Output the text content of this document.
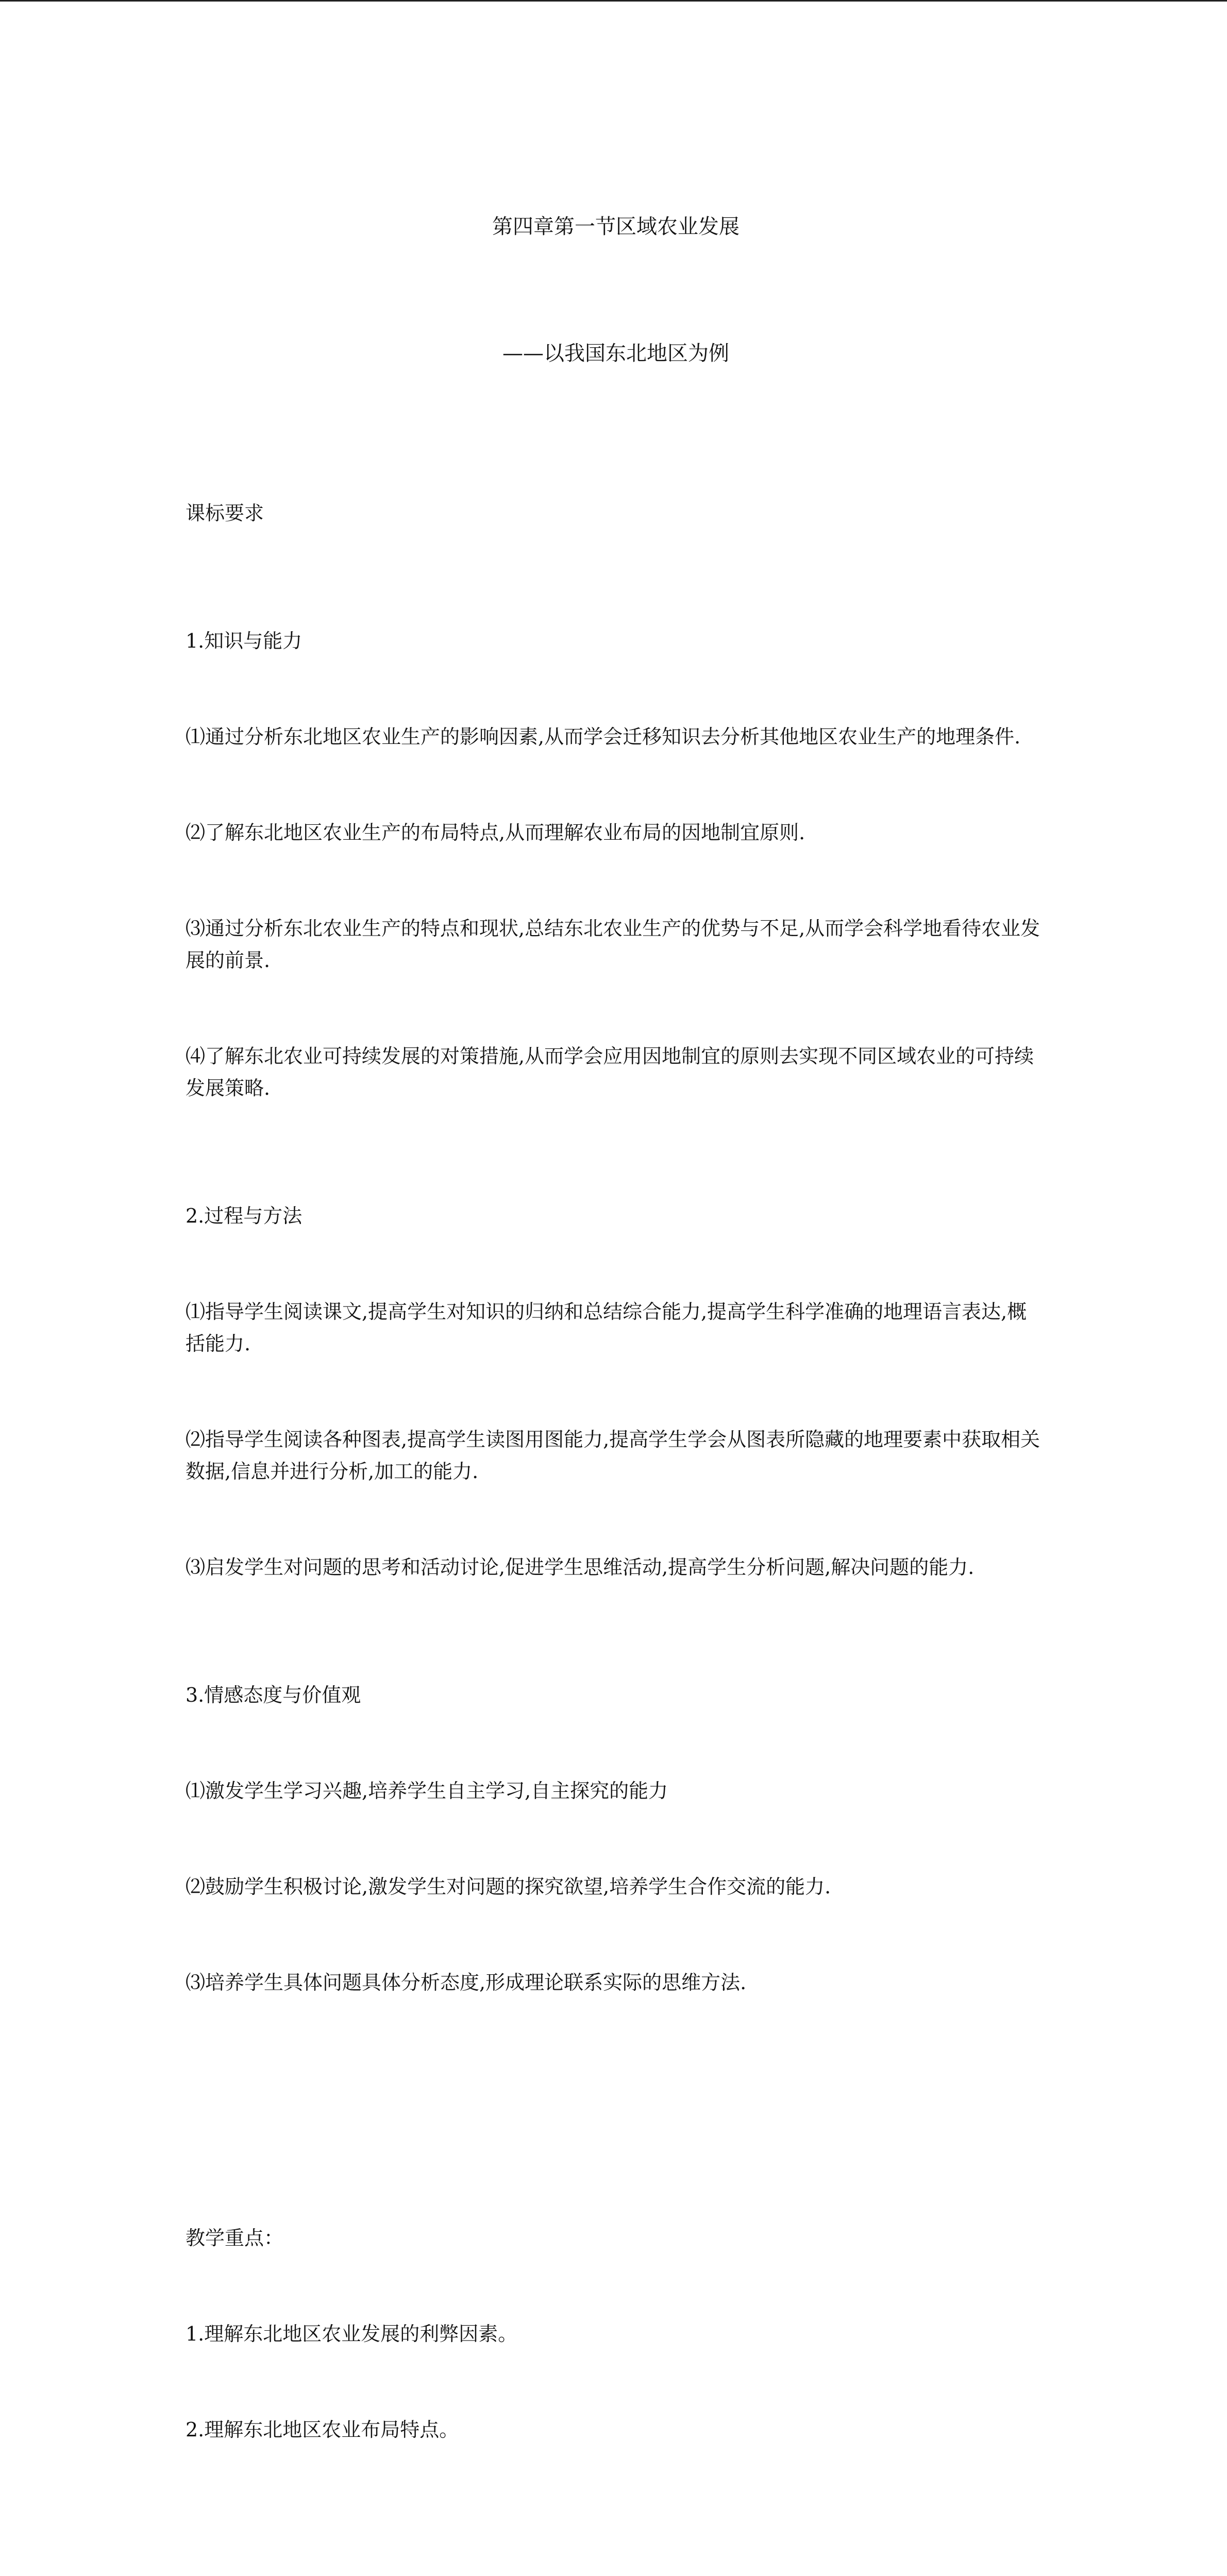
第四章第一节区域农业发展

——以我国东北地区为例

课标要求

1.知识与能力

⑴通过分析东北地区农业生产的影响因素,从而学会迁移知识去分析其他地区农业生产的地理条件.

⑵了解东北地区农业生产的布局特点,从而理解农业布局的因地制宜原则.

⑶通过分析东北农业生产的特点和现状,总结东北农业生产的优势与不足,从而学会科学地看待农业发展的前景.

⑷了解东北农业可持续发展的对策措施,从而学会应用因地制宜的原则去实现不同区域农业的可持续发展策略.

2.过程与方法

⑴指导学生阅读课文,提高学生对知识的归纳和总结综合能力,提高学生科学准确的地理语言表达,概括能力.

⑵指导学生阅读各种图表,提高学生读图用图能力,提高学生学会从图表所隐藏的地理要素中获取相关数据,信息并进行分析,加工的能力.

⑶启发学生对问题的思考和活动讨论,促进学生思维活动,提高学生分析问题,解决问题的能力.

3.情感态度与价值观

⑴激发学生学习兴趣,培养学生自主学习,自主探究的能力

⑵鼓励学生积极讨论,激发学生对问题的探究欲望,培养学生合作交流的能力.

⑶培养学生具体问题具体分析态度,形成理论联系实际的思维方法.

教学重点：

1.理解东北地区农业发展的利弊因素。

2.理解东北地区农业布局特点。
